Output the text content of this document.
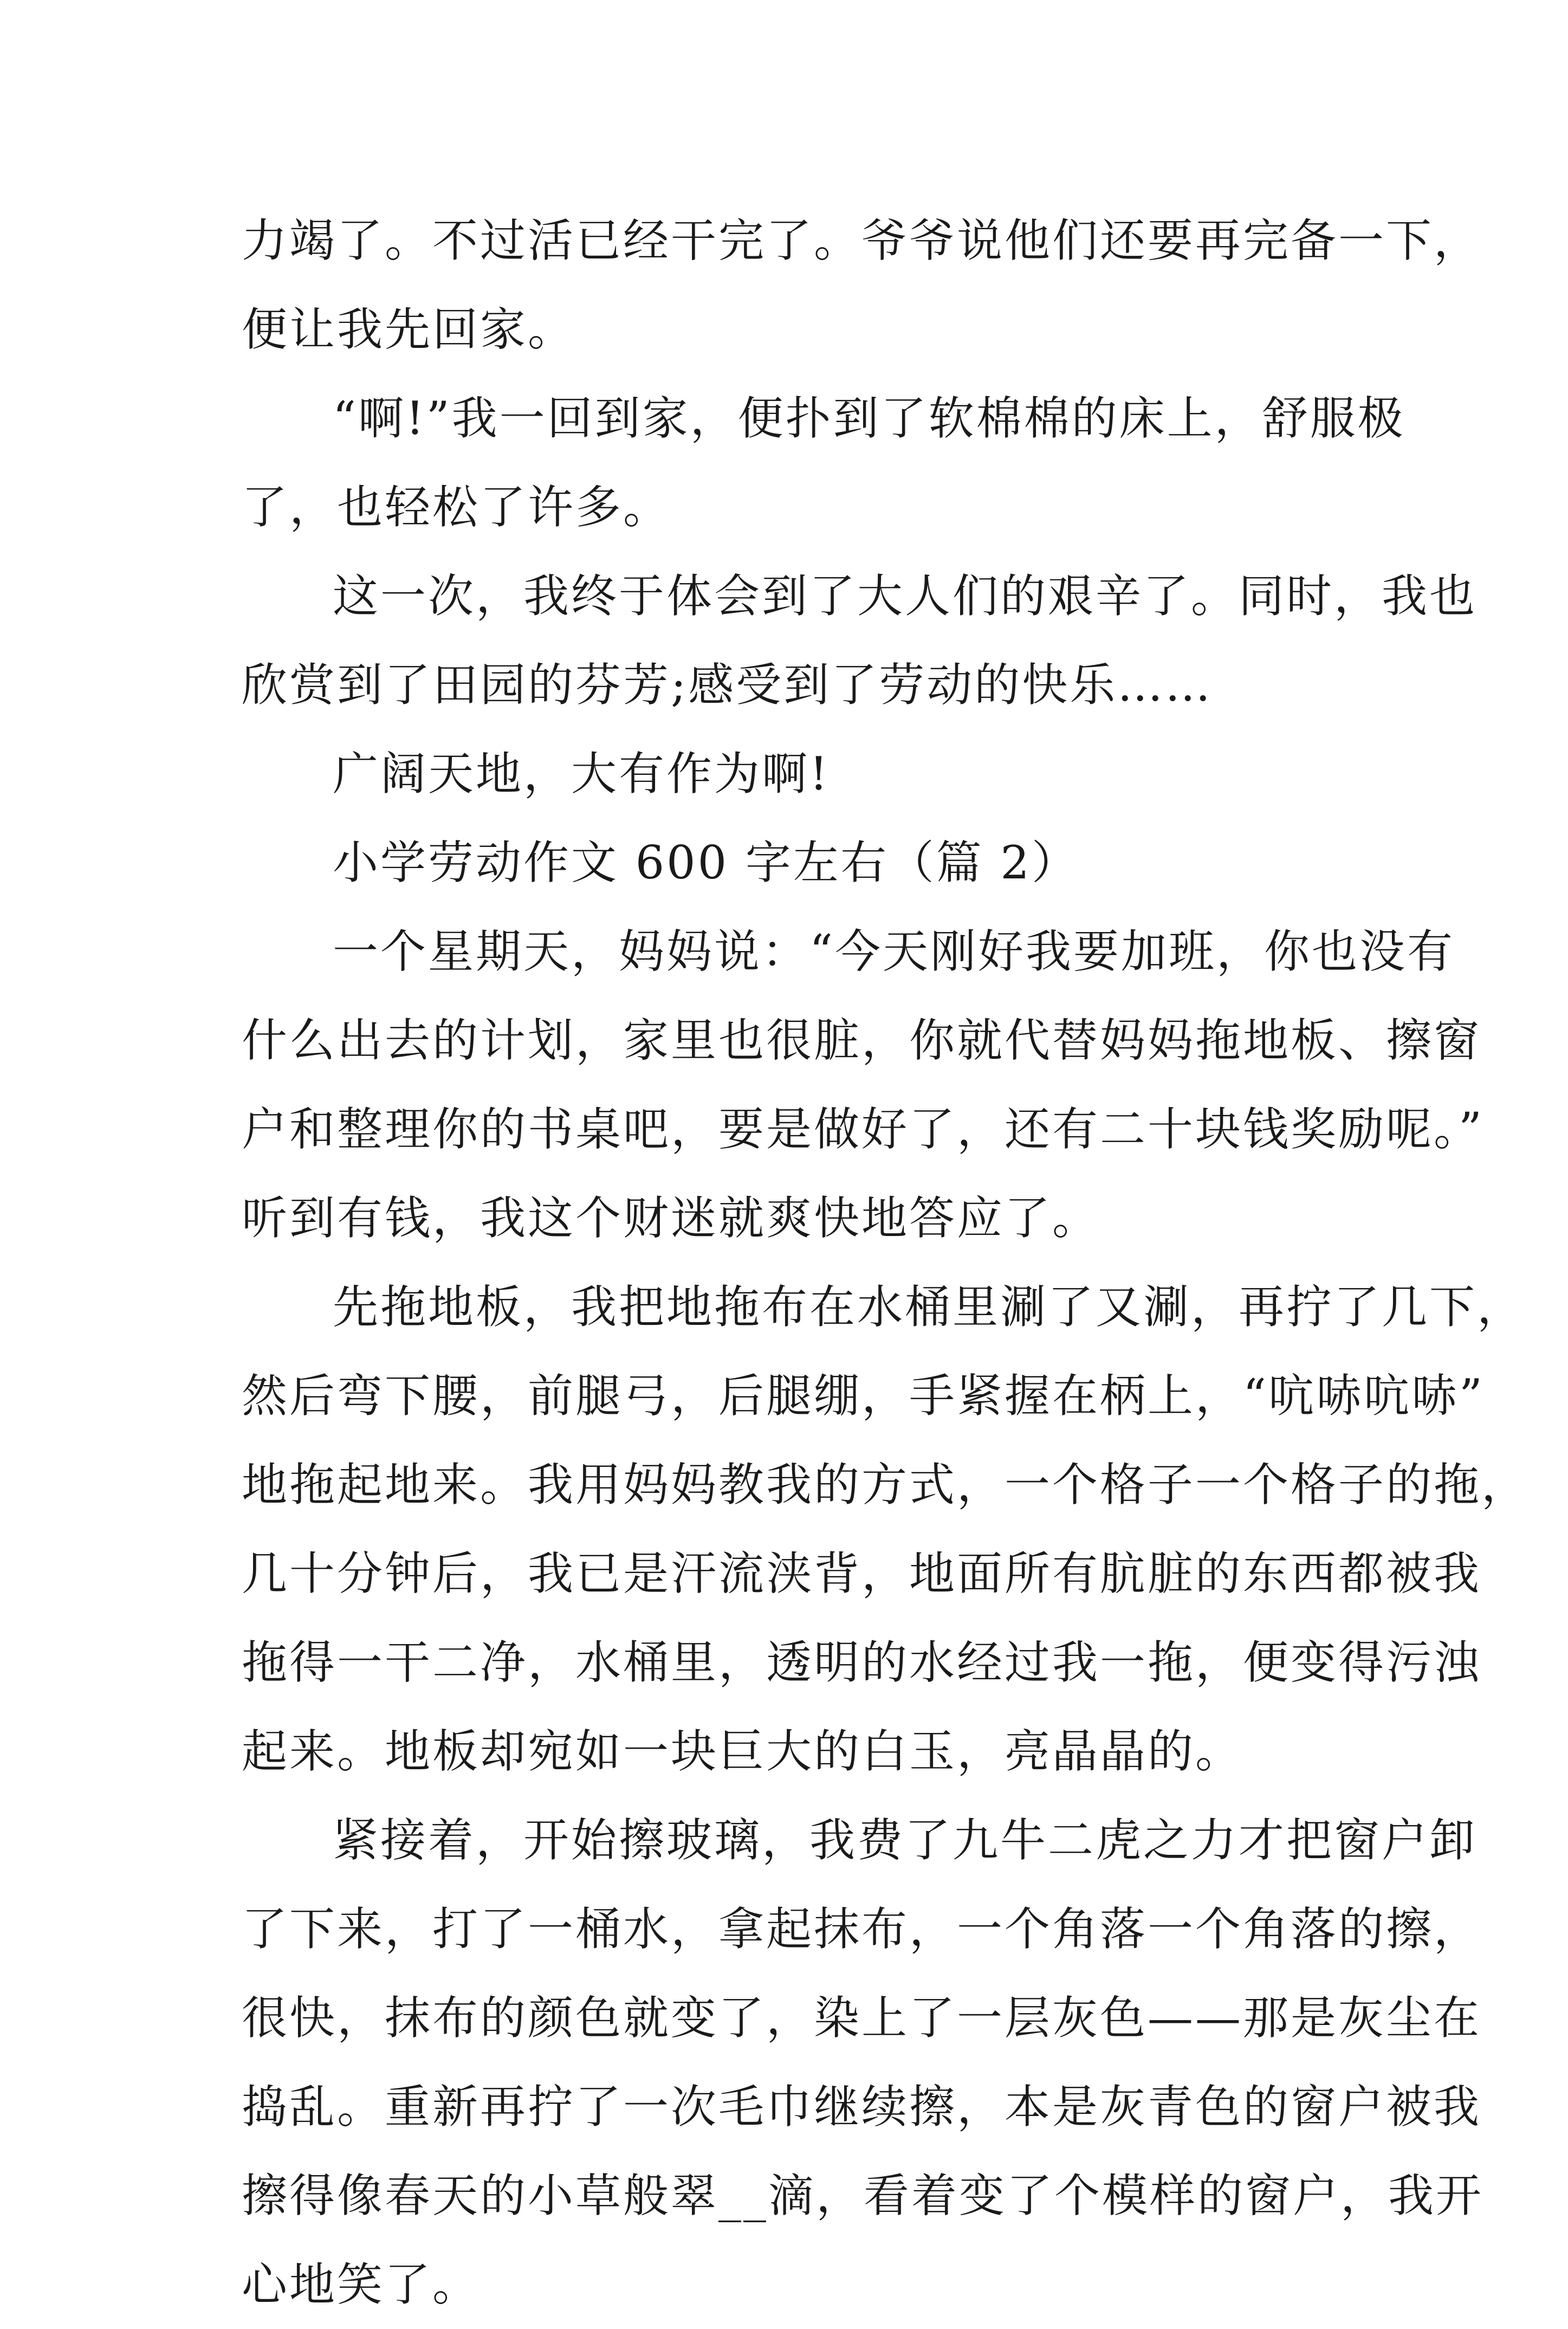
力竭了。不过活已经干完了。爷爷说他们还要再完备一下，

便让我先回家。

“啊!”我一回到家，便扑到了软棉棉的床上，舒服极

了，也轻松了许多。

这一次，我终于体会到了大人们的艰辛了。同时，我也

欣赏到了田园的芬芳;感受到了劳动的快乐……

广阔天地，大有作为啊!

小学劳动作文 600 字左右（篇 2）

一个星期天，妈妈说：“今天刚好我要加班，你也没有

什么出去的计划，家里也很脏，你就代替妈妈拖地板、擦窗

户和整理你的书桌吧，要是做好了，还有二十块钱奖励呢。”

听到有钱，我这个财迷就爽快地答应了。

先拖地板，我把地拖布在水桶里涮了又涮，再拧了几下，

然后弯下腰，前腿弓，后腿绷，手紧握在柄上，“吭哧吭哧”

地拖起地来。我用妈妈教我的方式，一个格子一个格子的拖，

几十分钟后，我已是汗流浃背，地面所有肮脏的东西都被我

拖得一干二净，水桶里，透明的水经过我一拖，便变得污浊

起来。地板却宛如一块巨大的白玉，亮晶晶的。

紧接着，开始擦玻璃，我费了九牛二虎之力才把窗户卸

了下来，打了一桶水，拿起抹布，一个角落一个角落的擦，

很快，抹布的颜色就变了，染上了一层灰色——那是灰尘在

捣乱。重新再拧了一次毛巾继续擦，本是灰青色的窗户被我

擦得像春天的小草般翠__滴，看着变了个模样的窗户，我开

心地笑了。
